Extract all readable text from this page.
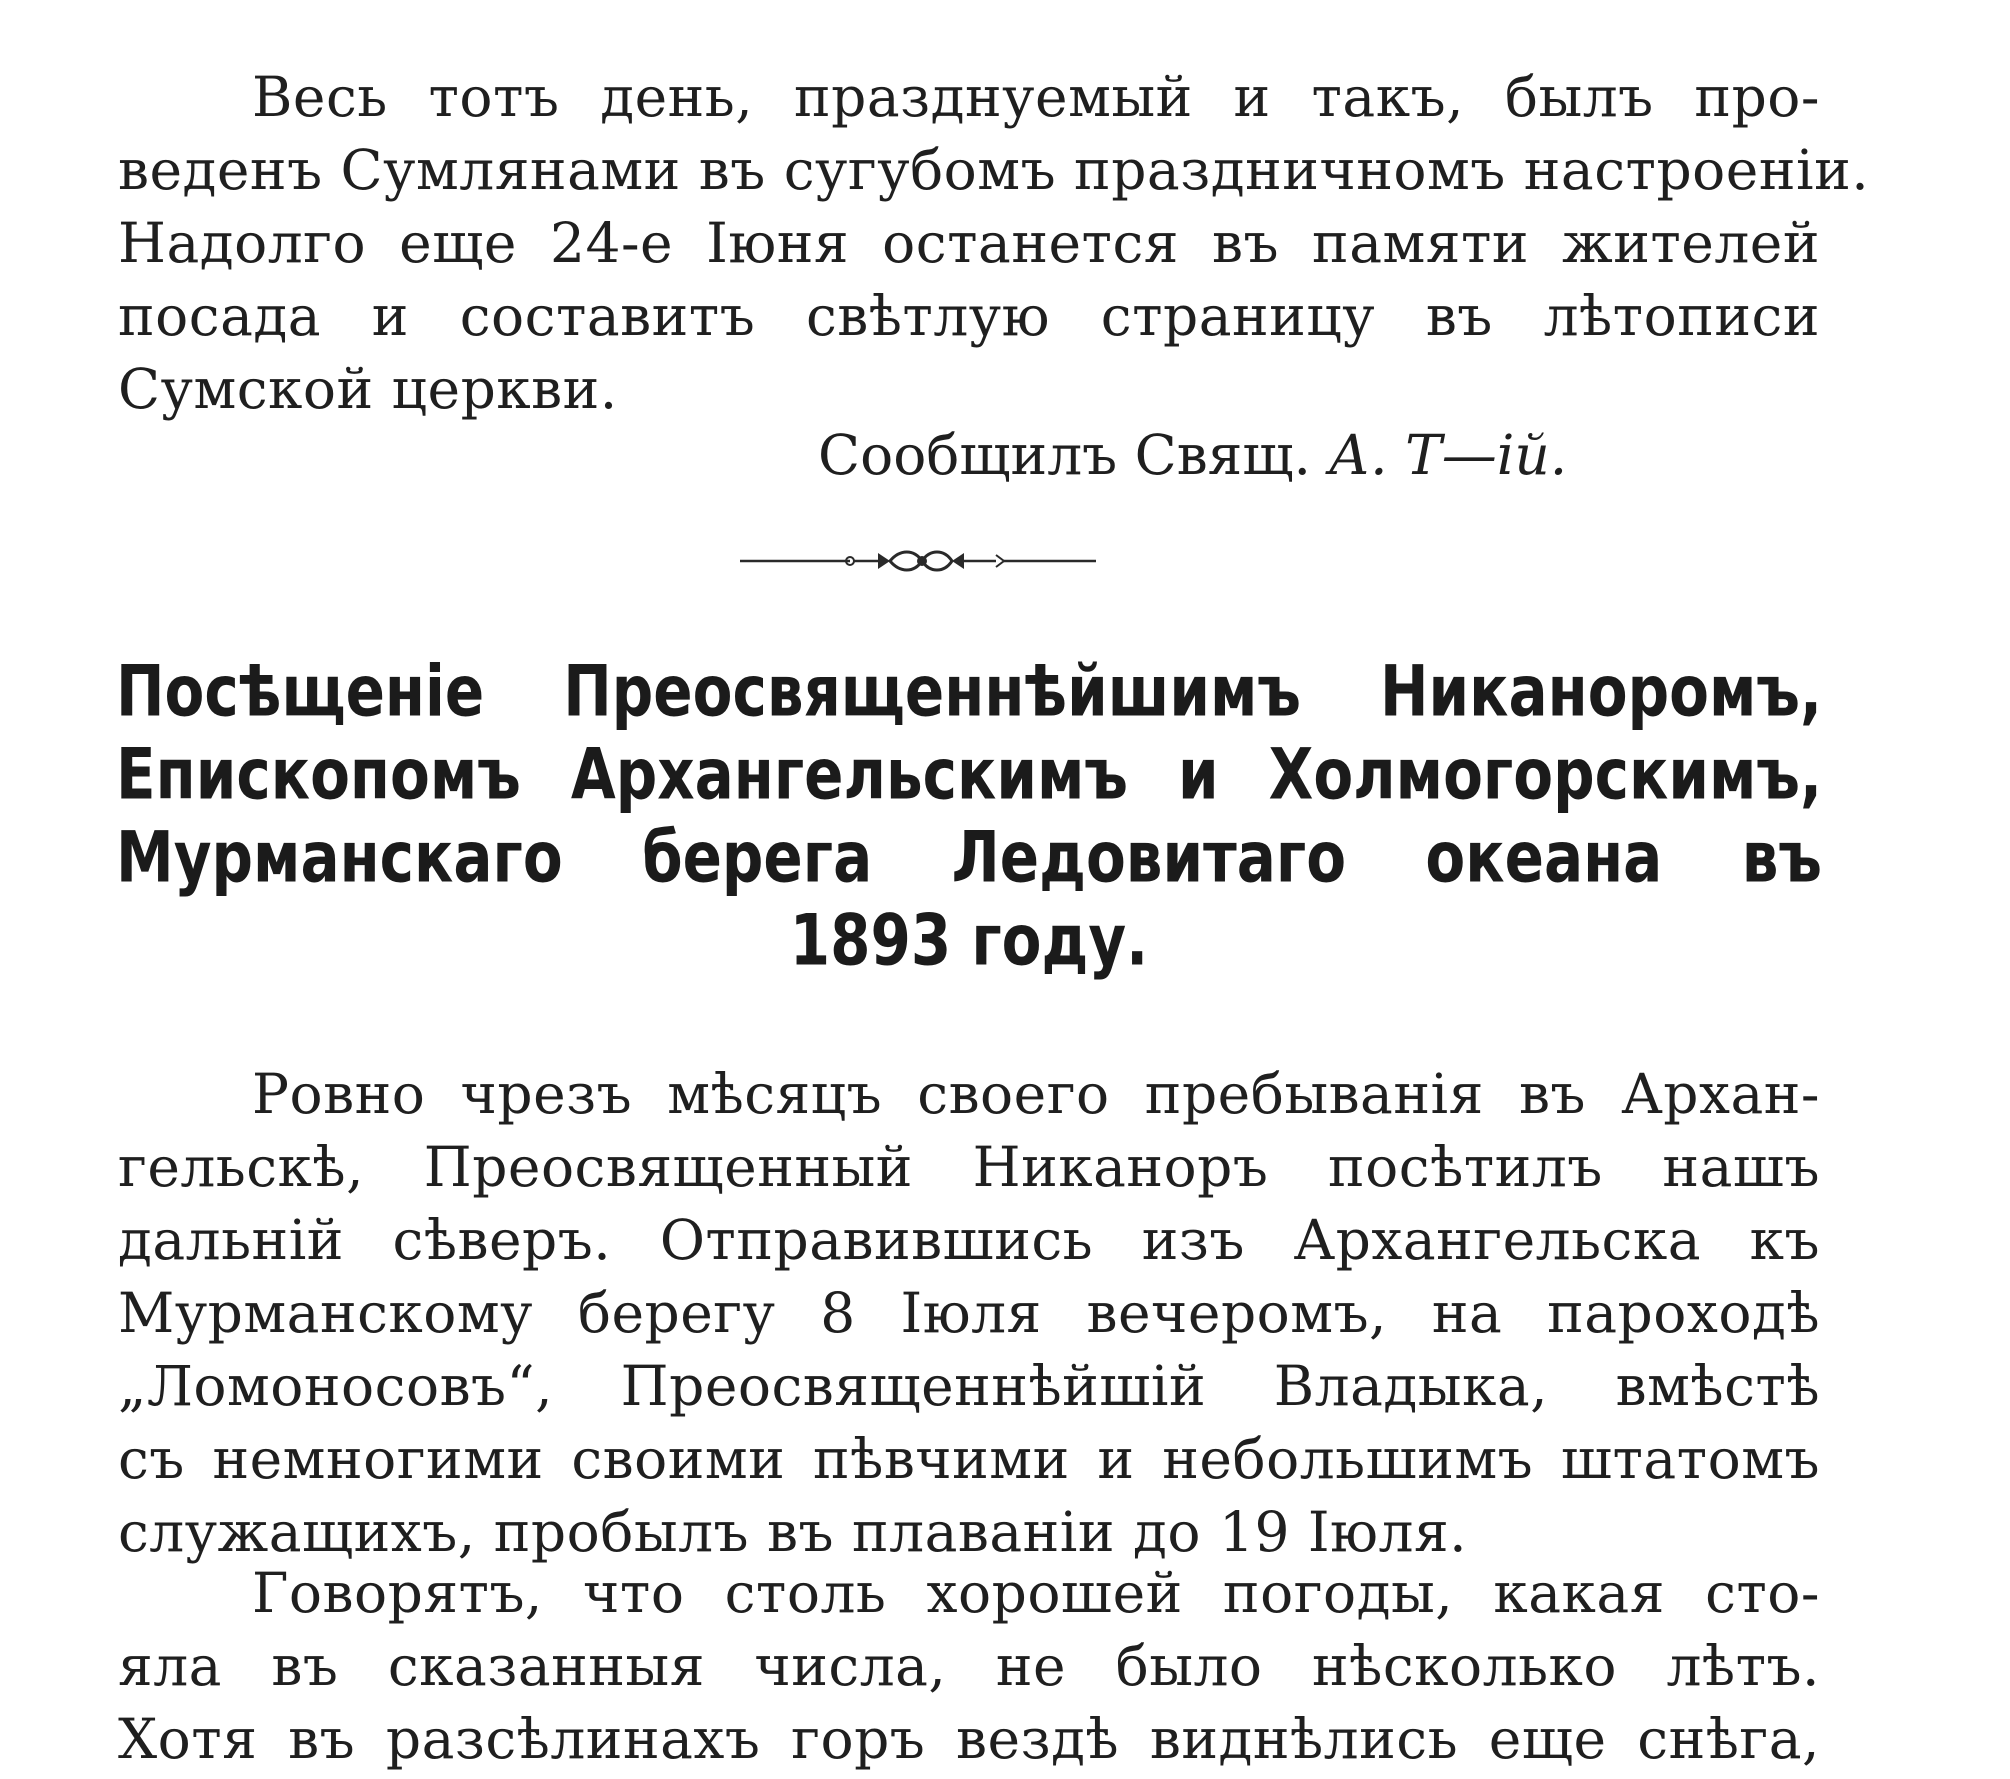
Весь тотъ день, празднуемый и такъ, былъ про-
веденъ Сумлянами въ сугубомъ праздничномъ настроенiи.
Надолго еще 24-е Iюня останется въ памяти жителей
посада и составитъ свѣтлую страницу въ лѣтописи
Сумской церкви.
Сообщилъ Свящ. А. Т—iй.
Посѣщенiе Преосвященнѣйшимъ Никаноромъ,
Епископомъ Архангельскимъ и Холмогорскимъ,
Мурманскаго берега Ледовитаго океана въ
1893 году.
Ровно чрезъ мѣсяцъ своего пребыванiя въ Архан-
гельскѣ, Преосвященный Никаноръ посѣтилъ нашъ
дальнiй сѣверъ. Отправившись изъ Архангельска къ
Мурманскому берегу 8 Iюля вечеромъ, на пароходѣ
„Ломоносовъ“, Преосвященнѣйшiй Владыка, вмѣстѣ
съ немногими своими пѣвчими и небольшимъ штатомъ
служащихъ, пробылъ въ плаванiи до 19 Iюля.
Говорятъ, что столь хорошей погоды, какая сто-
яла въ сказанныя числа, не было нѣсколько лѣтъ.
Хотя въ разсѣлинахъ горъ вездѣ виднѣлись еще снѣга,
